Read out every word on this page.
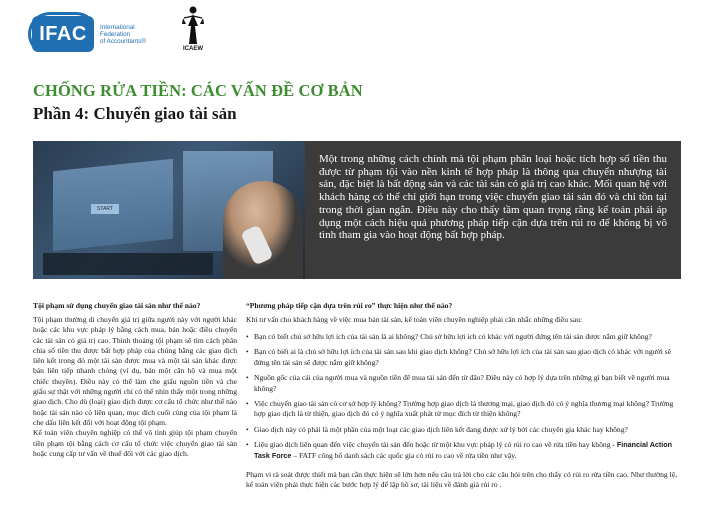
IFAC	International
Federation
of Accountants®
ICAEW
CHỐNG RỬA TIỀN: CÁC VẤN ĐỀ CƠ BẢN
Phần 4: Chuyển giao tài sản
START
Một trong những cách chính mà tội phạm phân loại hoặc tích hợp số tiền thu được từ phạm tội vào nền kinh tế hợp pháp là thông qua chuyển nhượng tài sản, đặc biệt là bất động sản và các tài sản có giá trị cao khác. Mối quan hệ với khách hàng có thể chỉ giới hạn trong việc chuyển giao tài sản đó và chỉ tồn tại trong thời gian ngắn. Điều này cho thấy tầm quan trọng rằng kế toán phải áp dụng một cách hiệu quả phương pháp tiếp cận dựa trên rủi ro để không bị vô tình tham gia vào hoạt động bất hợp pháp.
Tội phạm sử dụng chuyển giao tài sản như thế nào?

Tội phạm thường di chuyển giá trị giữa người này với người khác hoặc các khu vực pháp lý bằng cách mua, bán hoặc điều chuyển các tài sản có giá trị cao. Thỉnh thoảng tội phạm sẽ tìm cách phân chia số tiền thu được bất hợp pháp của chúng bằng các giao dịch liên kết trong đó một tài sản được mua và một tài sản khác được bán liên tiếp nhanh chóng (ví dụ, bán một căn hộ và mua một chiếc thuyền). Điều này có thể làm che giấu nguồn tiền và che giấu sự thật với những người chỉ có thể nhìn thấy một trong những giao dịch. Cho dù (loại) giao dịch được cơ cấu tổ chức như thế nào hoặc tài sản nào có liên quan, mục đích cuối cùng của tội phạm là che dấu liên kết đối với hoạt động tội phạm.

Kế toán viên chuyên nghiệp có thể vô tình giúp tội phạm chuyển tiền phạm tội bằng cách cơ cấu tổ chức việc chuyển giao tài sản hoặc cung cấp tư vấn về thuế đối với các giao dịch.

“Phương pháp tiếp cận dựa trên rủi ro” thực hiện như thế nào?

Khi tư vấn cho khách hàng về việc mua bán tài sản, kế toán viên chuyên nghiệp phải cân nhắc những điều sau:

• Bạn có biết chủ sở hữu lợi ích của tài sản là ai không? Chủ sở hữu lợi ích có khác với người đứng tên tài sản được nắm giữ không?
• Bạn có biết ai là chủ sở hữu lợi ích của tài sản sau khi giao dịch không? Chủ sở hữu lợi ích của tài sản sau giao dịch có khác với người sẽ đứng tên tài sản sẽ được nắm giữ không?
• Nguồn gốc của cải của người mua và nguồn tiền để mua tài sản đến từ đâu? Điều này có hợp lý dựa trên những gì bạn biết về người mua không?
• Việc chuyển giao tài sản có cơ sở hợp lý không? Trường hợp giao dịch là thương mại, giao dịch đó có ý nghĩa thương mại không? Trường hợp giao dịch là từ thiện, giao dịch đó có ý nghĩa xuất phát từ mục đích từ thiện không?
• Giao dịch này có phải là một phần của một loạt các giao dịch liên kết đang được xử lý bởi các chuyên gia khác hay không?
• Liệu giao dịch liên quan đến việc chuyển tài sản đến hoặc từ một khu vực pháp lý có rủi ro cao về rửa tiền hay không - Financial Action Task Force – FATF công bố danh sách các quốc gia có rủi ro cao về rửa tiền như vậy.

Phạm vi rà soát được thiết mà bạn cần thực hiện sẽ lớn hơn nếu câu trả lời cho các câu hỏi trên cho thấy có rủi ro rửa tiền cao. Như thường lệ, kế toán viên phải thực hiện các bước hợp lý để lập hồ sơ, tài liệu về đánh giá rủi ro .
